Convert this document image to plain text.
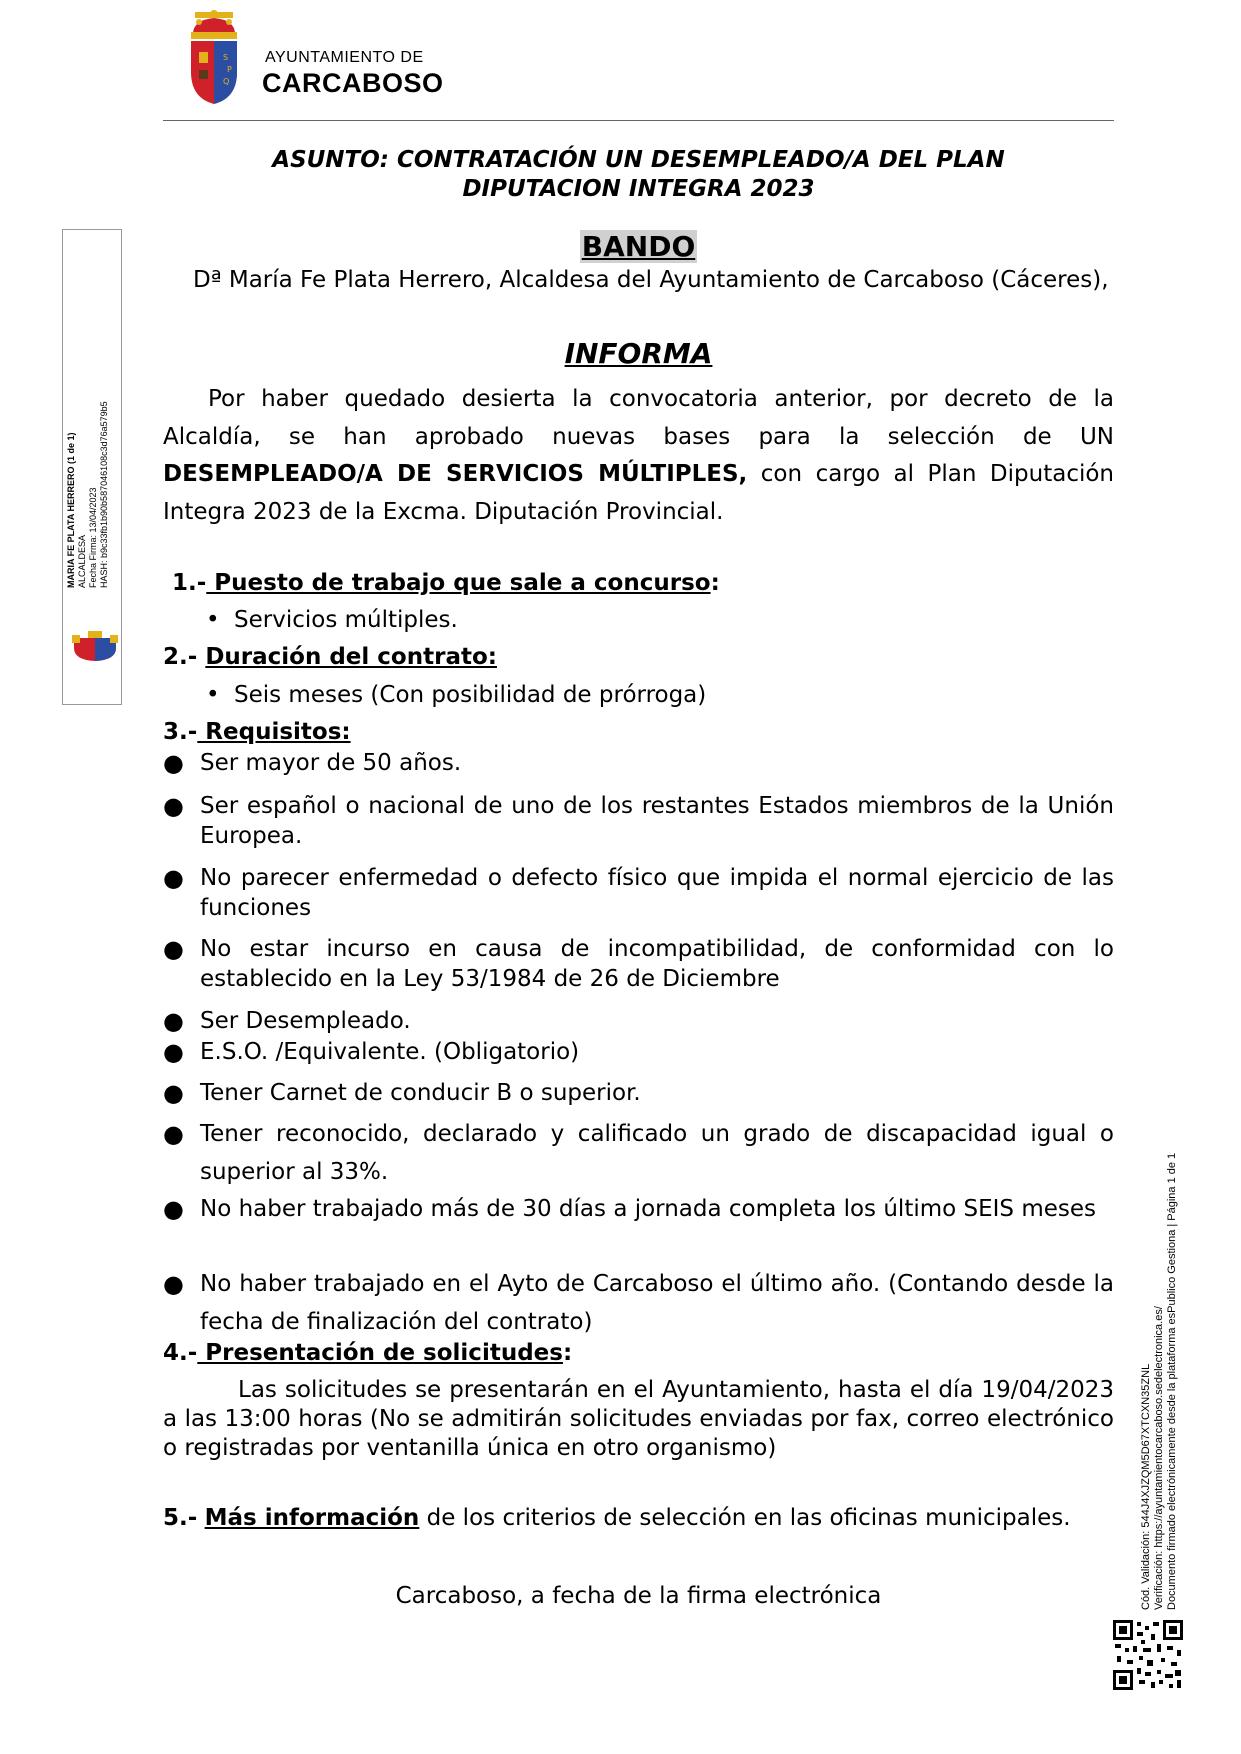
S
P
Q
AYUNTAMIENTO DE
CARCABOSO
ASUNTO: CONTRATACIÓN UN DESEMPLEADO/A DEL PLAN
DIPUTACION INTEGRA 2023
BANDO
Dª María Fe Plata Herrero, Alcaldesa del Ayuntamiento de Carcaboso (Cáceres),
INFORMA
Por haber quedado desierta la convocatoria anterior, por decreto de la Alcaldía, se han aprobado nuevas bases para la selección de UN DESEMPLEADO/A DE SERVICIOS MÚLTIPLES, con cargo al Plan Diputación Integra 2023 de la Excma. Diputación Provincial.
1.- Puesto de trabajo que sale a concurso:
• Servicios múltiples.
2.- Duración del contrato:
• Seis meses (Con posibilidad de prórroga)
3.- Requisitos:
● Ser mayor de 50 años.
● Ser español o nacional de uno de los restantes Estados miembros de la Unión Europea.
● No parecer enfermedad o defecto físico que impida el normal ejercicio de las funciones
● No estar incurso en causa de incompatibilidad, de conformidad con lo establecido en la Ley 53/1984 de 26 de Diciembre
● Ser Desempleado.
● E.S.O. /Equivalente. (Obligatorio)
● Tener Carnet de conducir B o superior.
● Tener reconocido, declarado y calificado un grado de discapacidad igual o superior al 33%.
● No haber trabajado más de 30 días a jornada completa los último SEIS meses
● No haber trabajado en el Ayto de Carcaboso el último año. (Contando desde la fecha de finalización del contrato)
4.- Presentación de solicitudes:
Las solicitudes se presentarán en el Ayuntamiento, hasta el día 19/04/2023 a las 13:00 horas (No se admitirán solicitudes enviadas por fax, correo electrónico o registradas por ventanilla única en otro organismo)
5.- Más información de los criterios de selección en las oficinas municipales.
Carcaboso, a fecha de la firma electrónica
MARIA FE PLATA HERRERO (1 de 1) ALCALDESA Fecha Firma: 13/04/2023 HASH: b9c33fb1b90b587046108c3d76a579b5
Cód. Validación: 544J4XJZQM5D67XTCXN35ZNL Verificación: https://ayuntamientocarcaboso.sedelectronica.es/ Documento firmado electrónicamente desde la plataforma esPublico Gestiona | Página 1 de 1
